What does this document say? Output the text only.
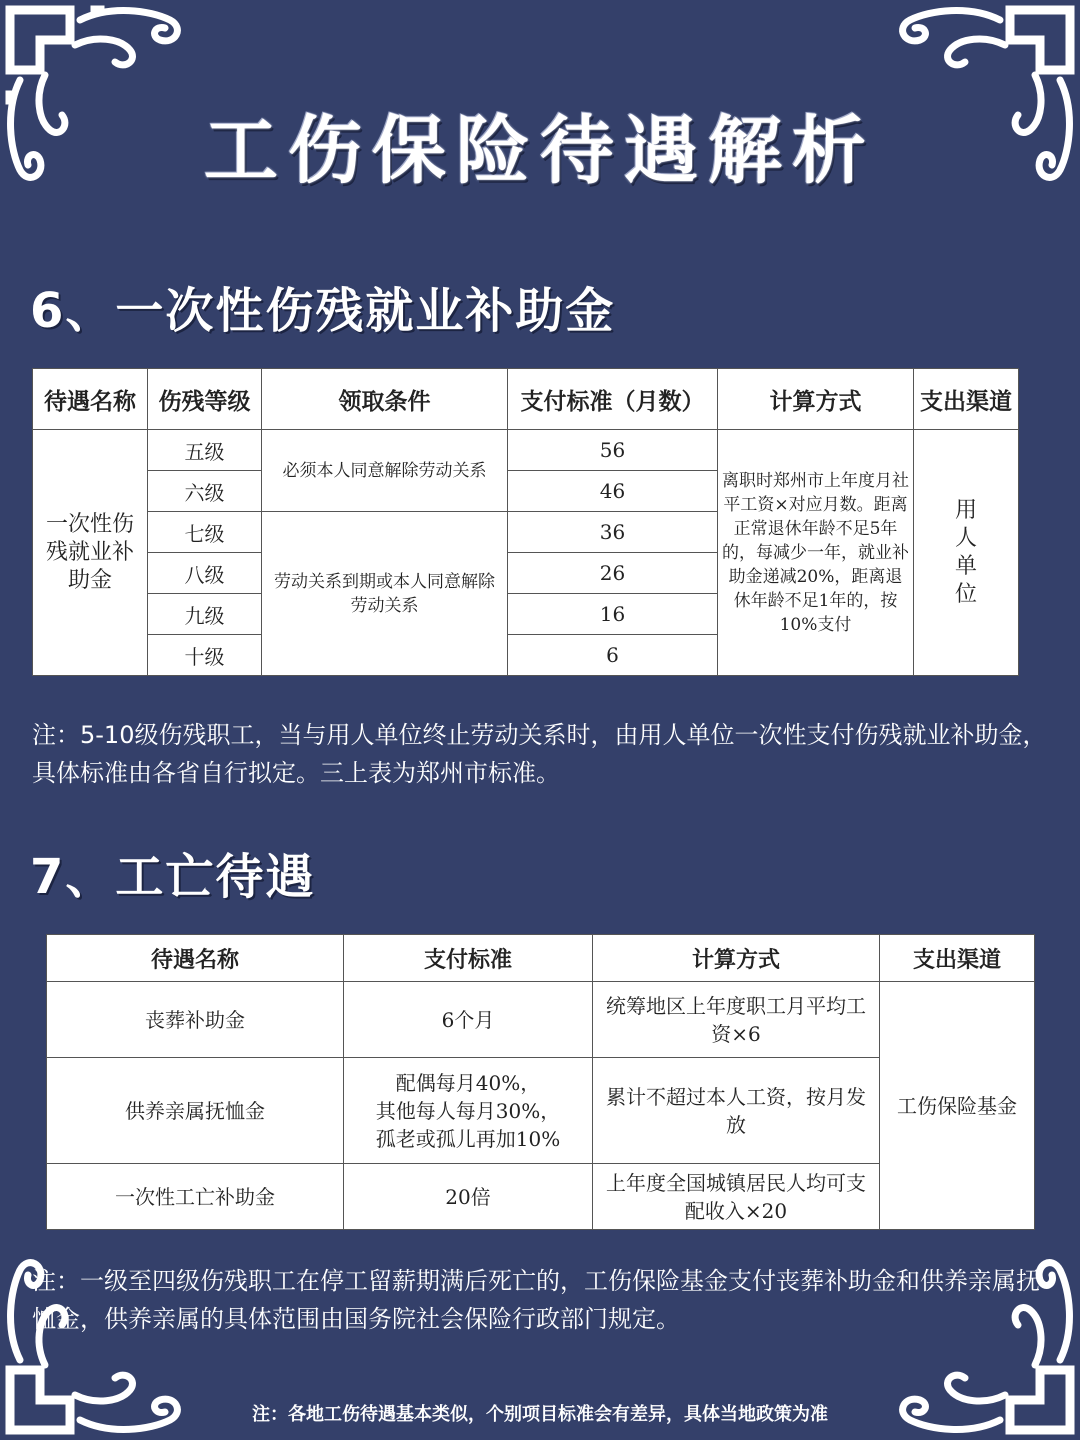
工伤保险待遇解析
6、一次性伤残就业补助金
待遇名称	伤残等级	领取条件	支付标准（月数）	计算方式	支出渠道
一次性伤残就业补助金	五级	必须本人同意解除劳动关系	56	离职时郑州市上年度月社平工资×对应月数。距离正常退休年龄不足5年的，每减少一年，就业补助金递减20%，距离退休年龄不足1年的，按10%支付	用人单位
	六级		46		
	七级	劳动关系到期或本人同意解除劳动关系	36		
	八级		26		
	九级		16		
	十级		6		
注：5-10级伤残职工，当与用人单位终止劳动关系时，由用人单位一次性支付伤残就业补助金，具体标准由各省自行拟定。三上表为郑州市标准。
7、工亡待遇
待遇名称	支付标准	计算方式	支出渠道
丧葬补助金	6个月	统筹地区上年度职工月平均工资×6	工伤保险基金
供养亲属抚恤金	配偶每月40%，
其他每人每月30%，
孤老或孤儿再加10%	累计不超过本人工资，按月发放	
一次性工亡补助金	20倍	上年度全国城镇居民人均可支配收入×20	
注：一级至四级伤残职工在停工留薪期满后死亡的，工伤保险基金支付丧葬补助金和供养亲属抚恤金，供养亲属的具体范围由国务院社会保险行政部门规定。
注：各地工伤待遇基本类似，个别项目标准会有差异，具体当地政策为准
